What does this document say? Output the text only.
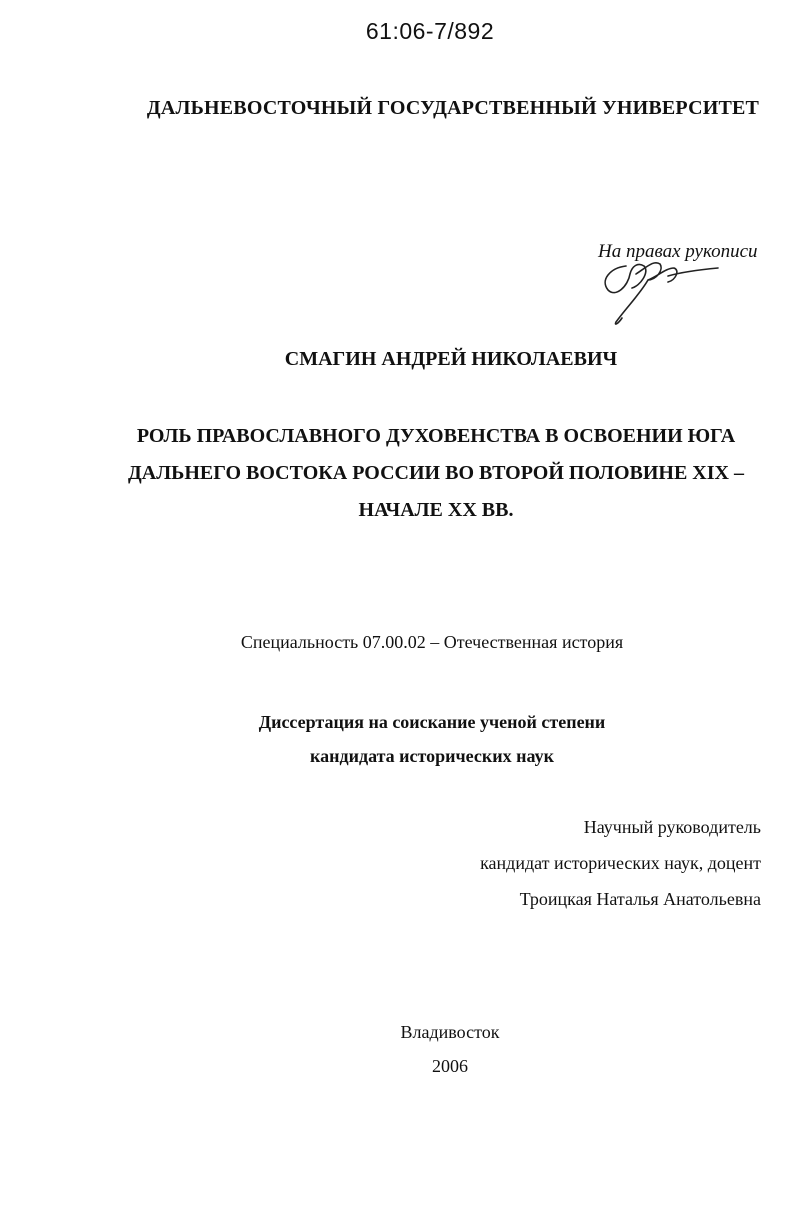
61:06-7/892
ДАЛЬНЕВОСТОЧНЫЙ ГОСУДАРСТВЕННЫЙ УНИВЕРСИТЕТ
На правах рукописи
СМАГИН АНДРЕЙ НИКОЛАЕВИЧ
РОЛЬ ПРАВОСЛАВНОГО ДУХОВЕНСТВА В ОСВОЕНИИ ЮГА
ДАЛЬНЕГО ВОСТОКА РОССИИ ВО ВТОРОЙ ПОЛОВИНЕ XIX –
НАЧАЛЕ XX ВВ.
Специальность 07.00.02 – Отечественная история
Диссертация на соискание ученой степени
кандидата исторических наук
Научный руководитель
кандидат исторических наук, доцент
Троицкая Наталья Анатольевна
Владивосток
2006
